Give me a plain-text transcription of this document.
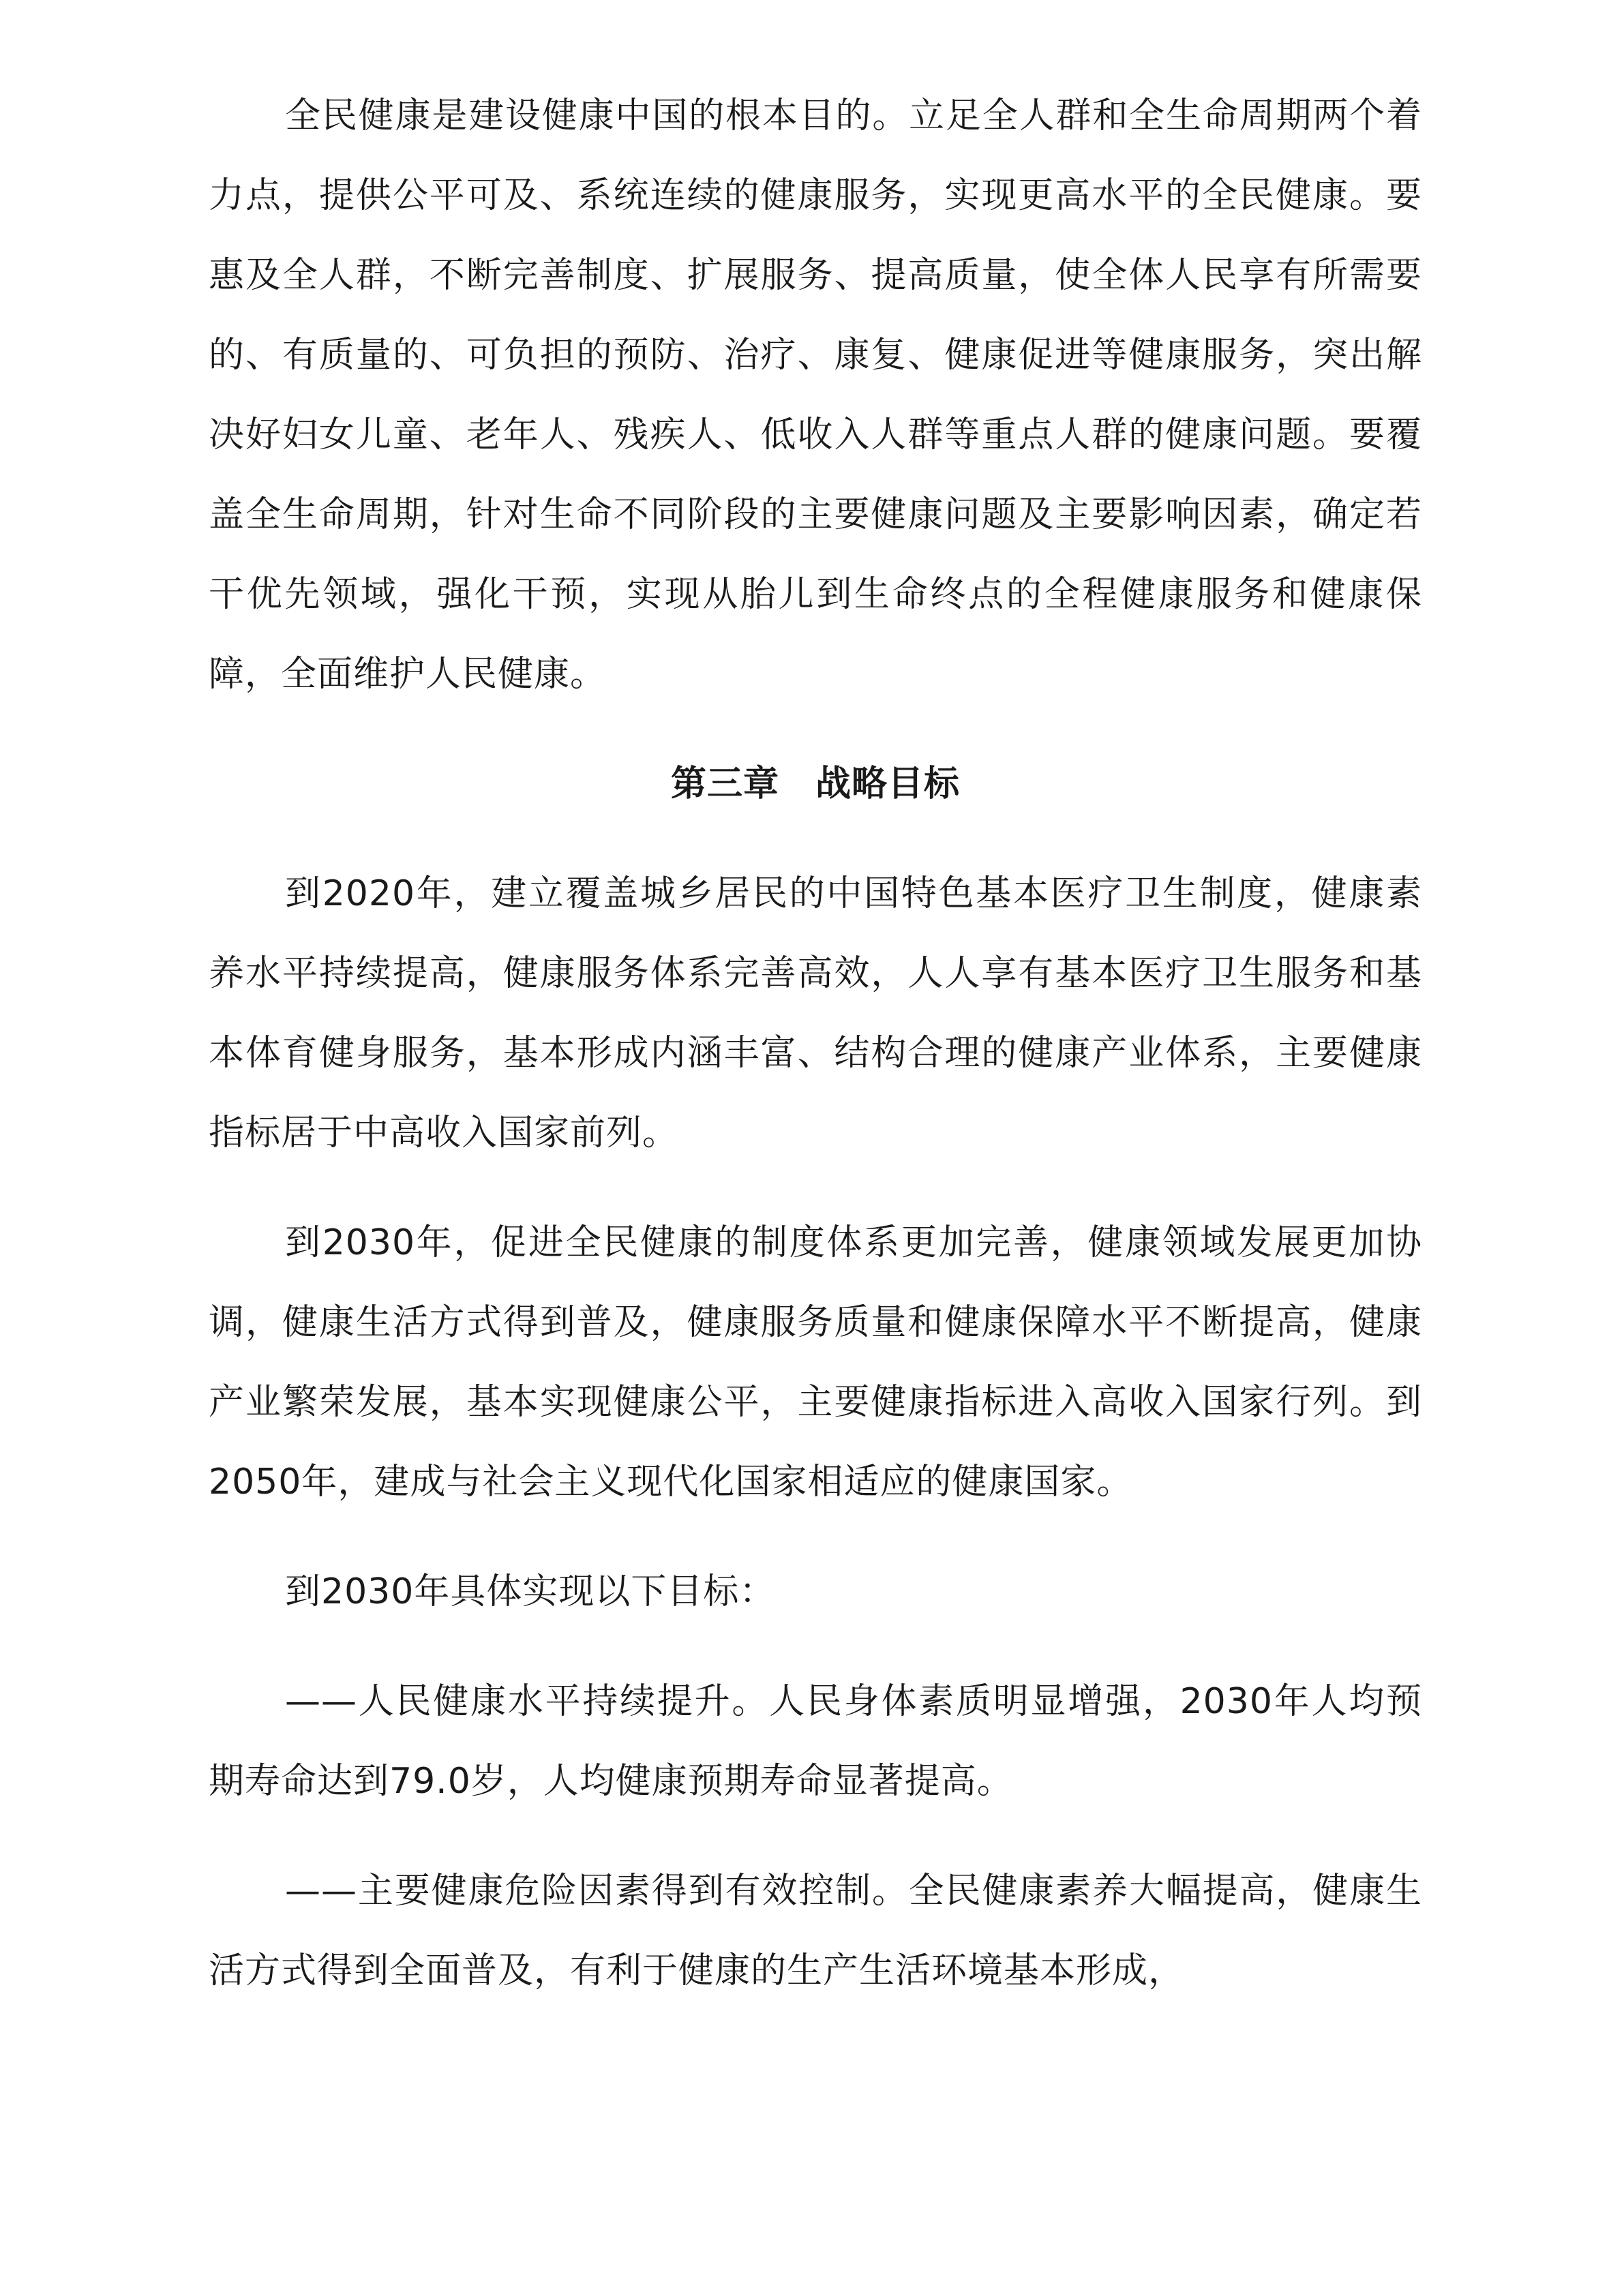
全民健康是建设健康中国的根本目的。立足全人群和全生命周期两个着力点，提供公平可及、系统连续的健康服务，实现更高水平的全民健康。要惠及全人群，不断完善制度、扩展服务、提高质量，使全体人民享有所需要的、有质量的、可负担的预防、治疗、康复、健康促进等健康服务，突出解决好妇女儿童、老年人、残疾人、低收入人群等重点人群的健康问题。要覆盖全生命周期，针对生命不同阶段的主要健康问题及主要影响因素，确定若干优先领域，强化干预，实现从胎儿到生命终点的全程健康服务和健康保障，全面维护人民健康。

第三章　战略目标

到2020年，建立覆盖城乡居民的中国特色基本医疗卫生制度，健康素养水平持续提高，健康服务体系完善高效，人人享有基本医疗卫生服务和基本体育健身服务，基本形成内涵丰富、结构合理的健康产业体系，主要健康指标居于中高收入国家前列。

到2030年，促进全民健康的制度体系更加完善，健康领域发展更加协调，健康生活方式得到普及，健康服务质量和健康保障水平不断提高，健康产业繁荣发展，基本实现健康公平，主要健康指标进入高收入国家行列。到2050年，建成与社会主义现代化国家相适应的健康国家。

到2030年具体实现以下目标：

——人民健康水平持续提升。人民身体素质明显增强，2030年人均预期寿命达到79.0岁，人均健康预期寿命显著提高。

——主要健康危险因素得到有效控制。全民健康素养大幅提高，健康生活方式得到全面普及，有利于健康的生产生活环境基本形成，
